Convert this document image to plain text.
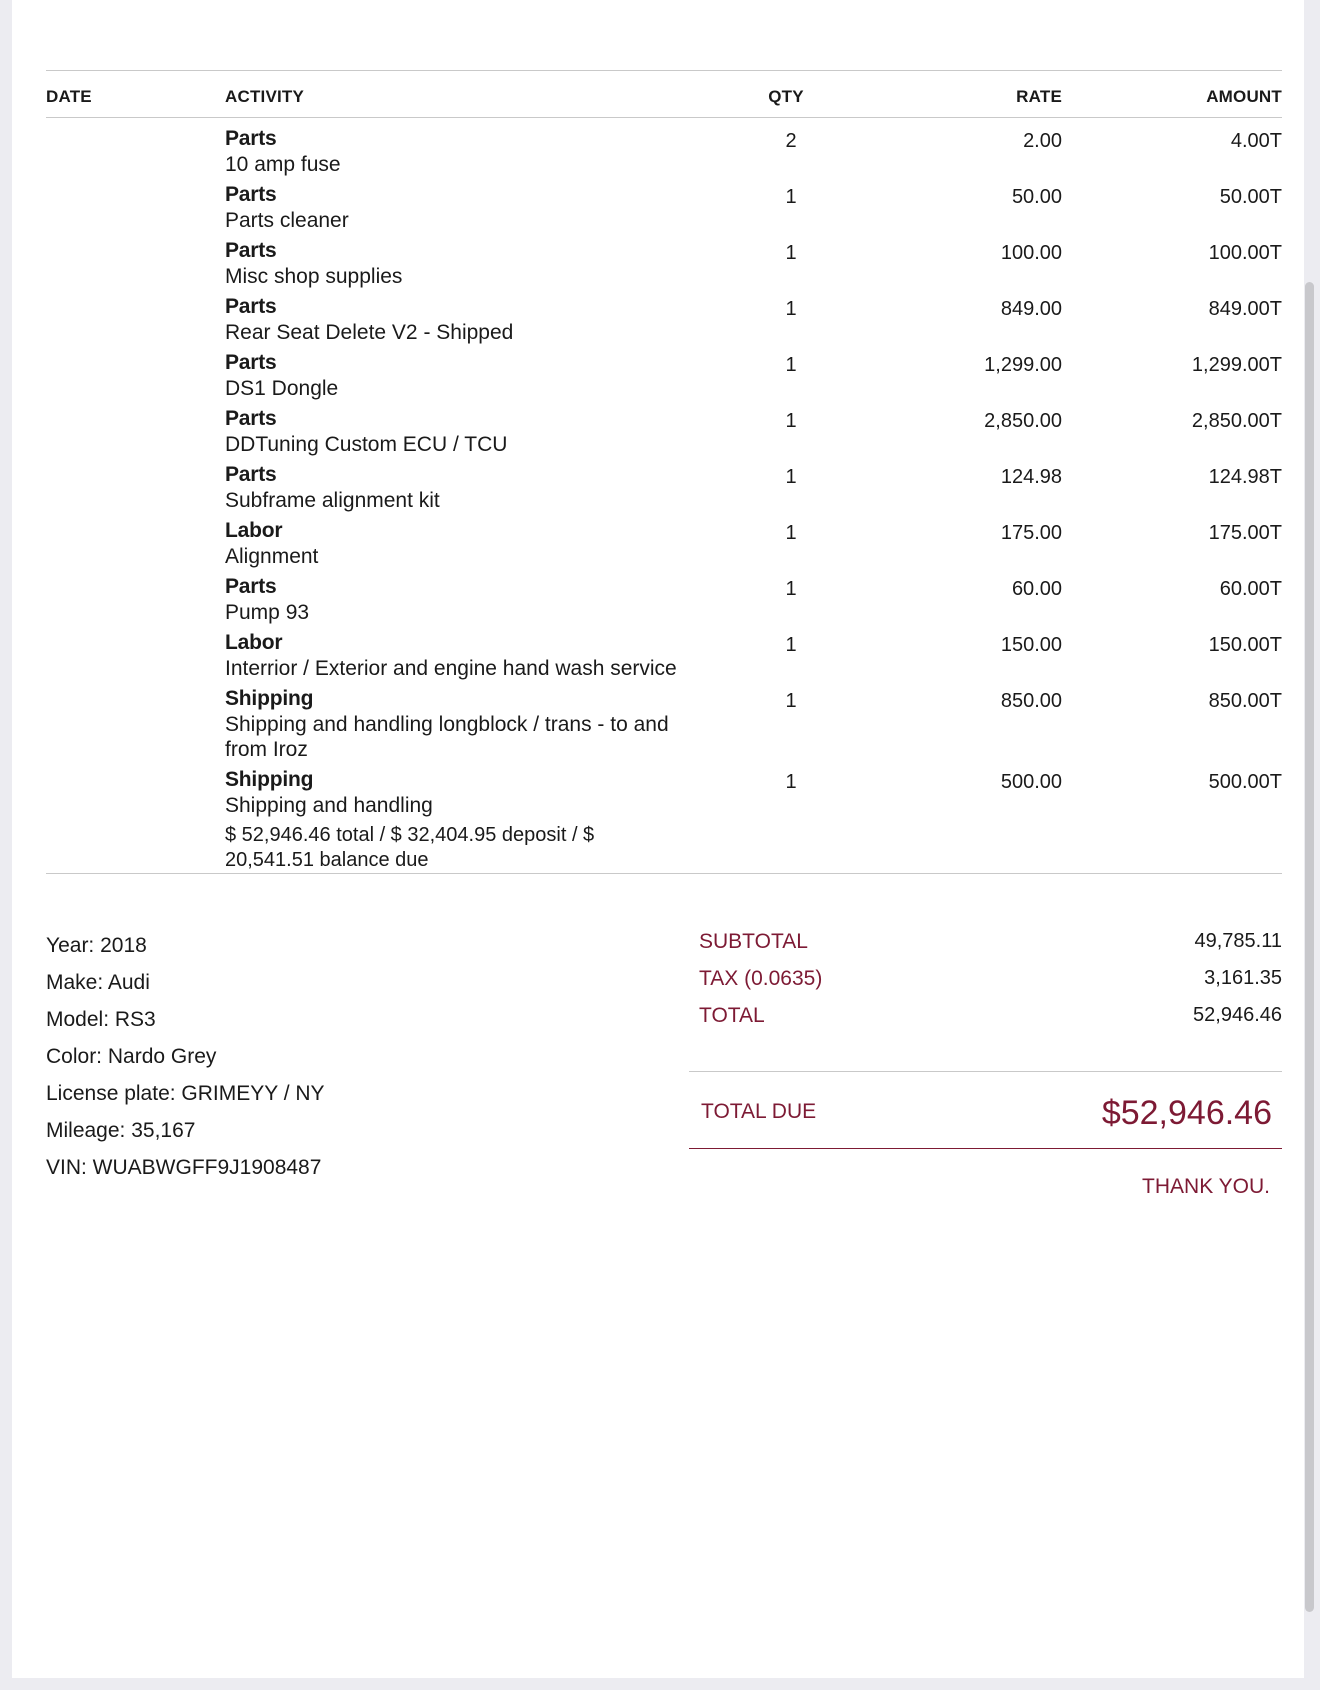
DATE	ACTIVITY	QTY	RATE	AMOUNT
Parts
10 amp fuse
2	2.00	4.00T
Parts
Parts cleaner
1	50.00	50.00T
Parts
Misc shop supplies
1	100.00	100.00T
Parts
Rear Seat Delete V2 - Shipped
1	849.00	849.00T
Parts
DS1 Dongle
1	1,299.00	1,299.00T
Parts
DDTuning Custom ECU / TCU
1	2,850.00	2,850.00T
Parts
Subframe alignment kit
1	124.98	124.98T
Labor
Alignment
1	175.00	175.00T
Parts
Pump 93
1	60.00	60.00T
Labor
Interrior / Exterior and engine hand wash service
1	150.00	150.00T
Shipping
Shipping and handling longblock / trans - to and from Iroz
1	850.00	850.00T
Shipping
Shipping and handling
1	500.00	500.00T
$ 52,946.46 total / $ 32,404.95 deposit / $ 20,541.51 balance due
Year: 2018
Make: Audi
Model: RS3
Color: Nardo Grey
License plate: GRIMEYY / NY
Mileage: 35,167
VIN: WUABWGFF9J1908487
SUBTOTAL	49,785.11
TAX (0.0635)	3,161.35
TOTAL	52,946.46
TOTAL DUE	$52,946.46
THANK YOU.
